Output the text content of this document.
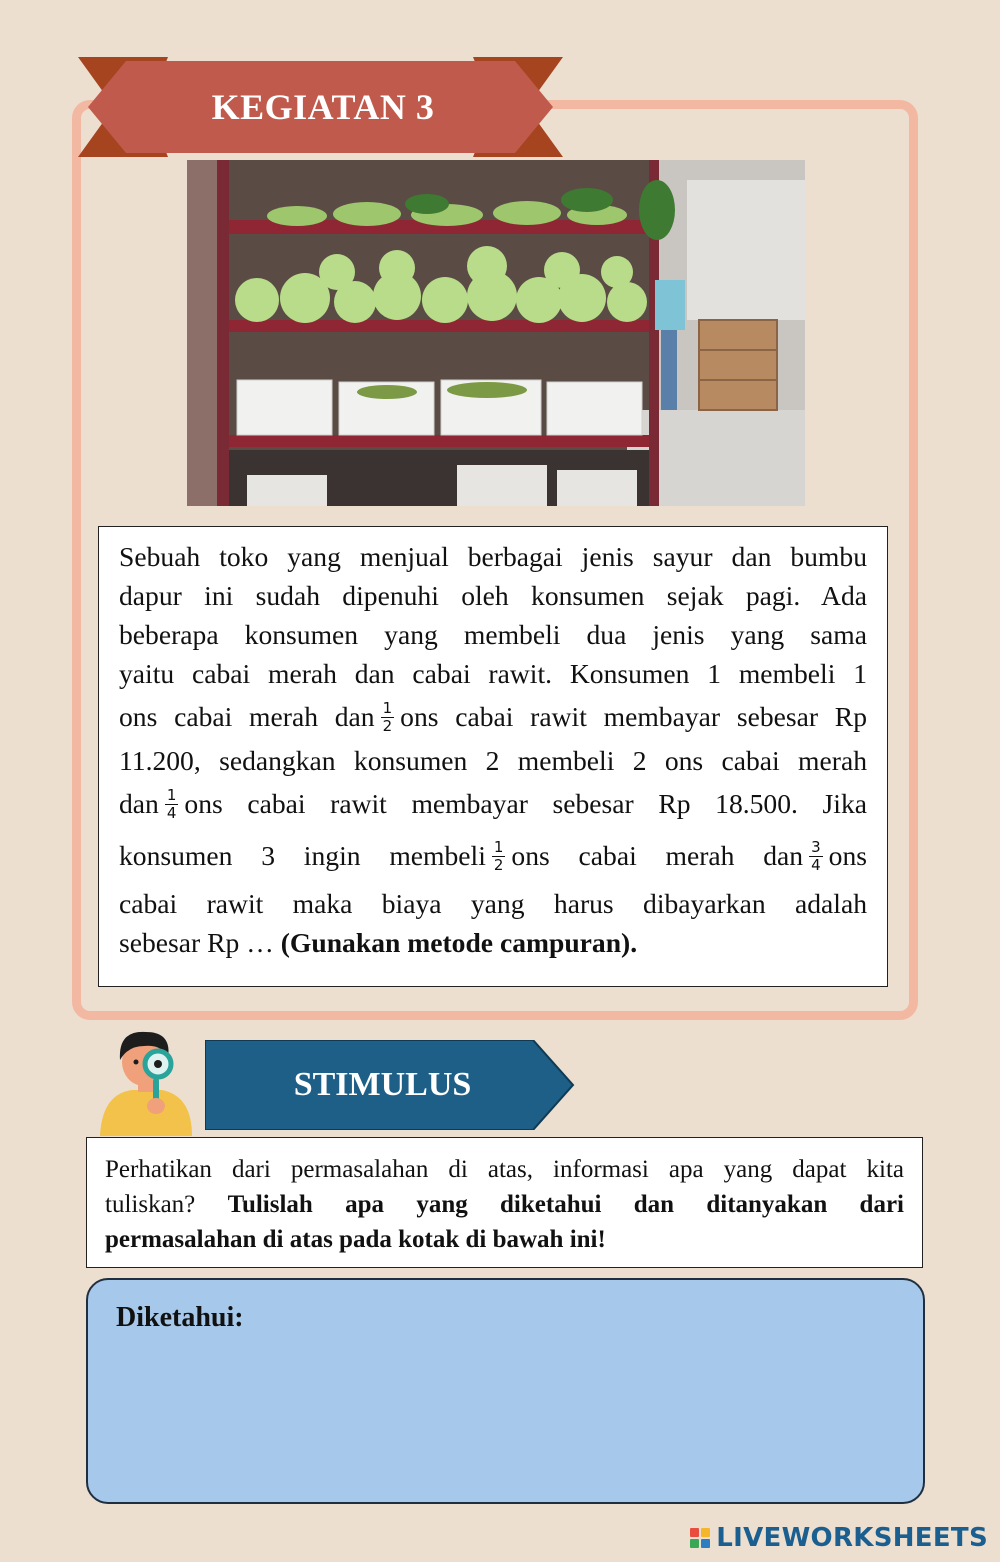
KEGIATAN 3

Sebuah toko yang menjual berbagai jenis sayur dan bumbu

dapur ini sudah dipenuhi oleh konsumen sejak pagi. Ada

beberapa konsumen yang membeli dua jenis yang sama

yaitu cabai merah dan cabai rawit. Konsumen 1 membeli 1

ons cabai merah dan $\frac{1}{2}$ ons cabai rawit membayar sebesar Rp

11.200, sedangkan konsumen 2 membeli 2 ons cabai merah

dan $\frac{1}{4}$ ons cabai rawit membayar sebesar Rp 18.500. Jika

konsumen 3 ingin membeli $\frac{1}{2}$ ons cabai merah dan $\frac{3}{4}$ ons

cabai rawit maka biaya yang harus dibayarkan adalah

sebesar Rp … (Gunakan metode campuran).

STIMULUS

Perhatikan dari permasalahan di atas, informasi apa yang dapat kita

tuliskan? Tulislah apa yang diketahui dan ditanyakan dari

permasalahan di atas pada kotak di bawah ini!

Diketahui:
LIVEWORKSHEETS
